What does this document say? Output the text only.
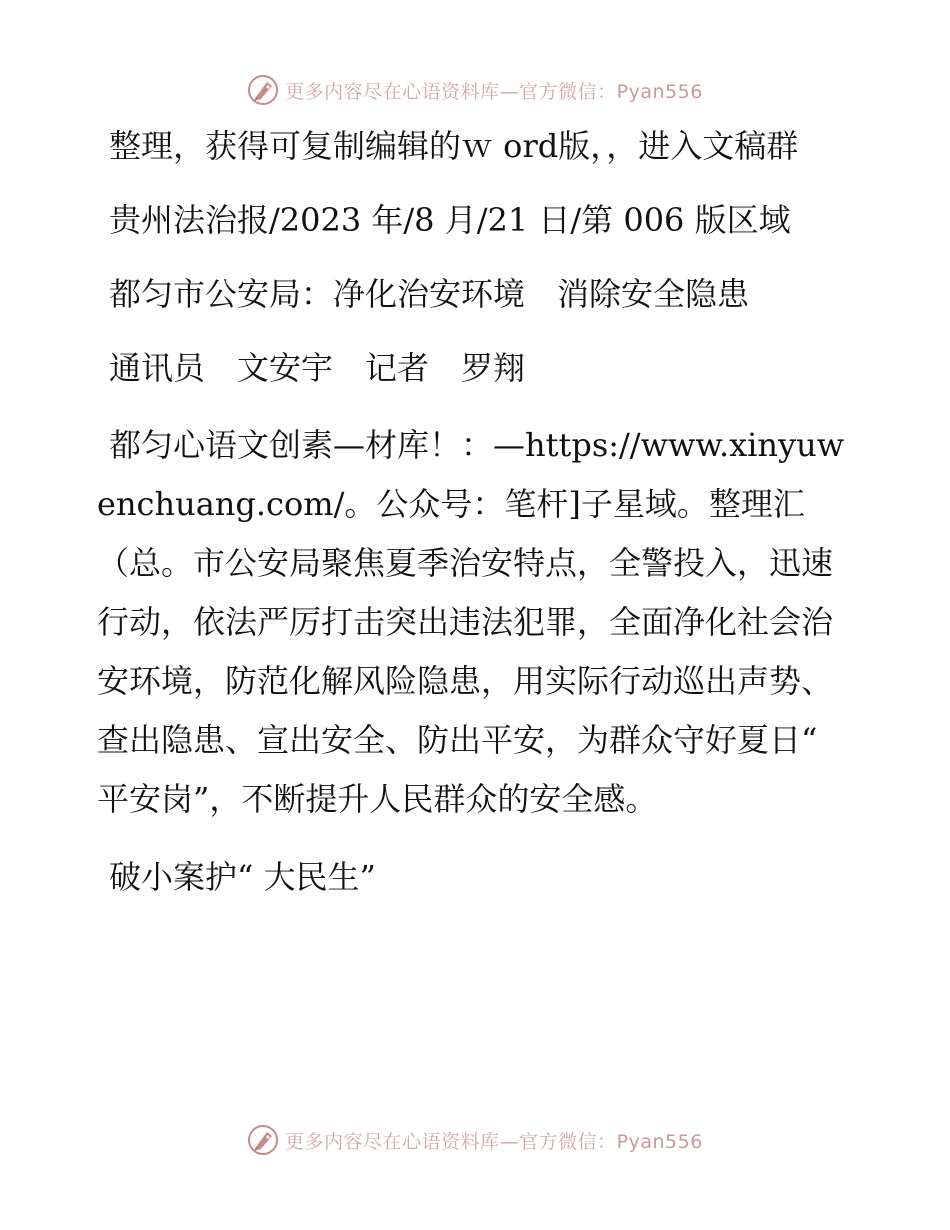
更多内容尽在心语资料库—官方微信：Pyan556

整理，获得可复制编辑的ｗ ord版，，进入文稿群

贵州法治报/2023 年/8 月/21 日/第 006 版区域

都匀市公安局：净化治安环境　消除安全隐患

通讯员　文安宇　记者　罗翔

都匀心语文创素—材库！：—https://www.xinyuwenchuang.com/。公众号：笔杆]子星域。整理汇（总。市公安局聚焦夏季治安特点，全警投入，迅速行动，依法严厉打击突出违法犯罪，全面净化社会治安环境，防范化解风险隐患，用实际行动巡出声势、查出隐患、宣出安全、防出平安，为群众守好夏日“ 平安岗”，不断提升人民群众的安全感。

破小案护“ 大民生”

更多内容尽在心语资料库—官方微信：Pyan556
